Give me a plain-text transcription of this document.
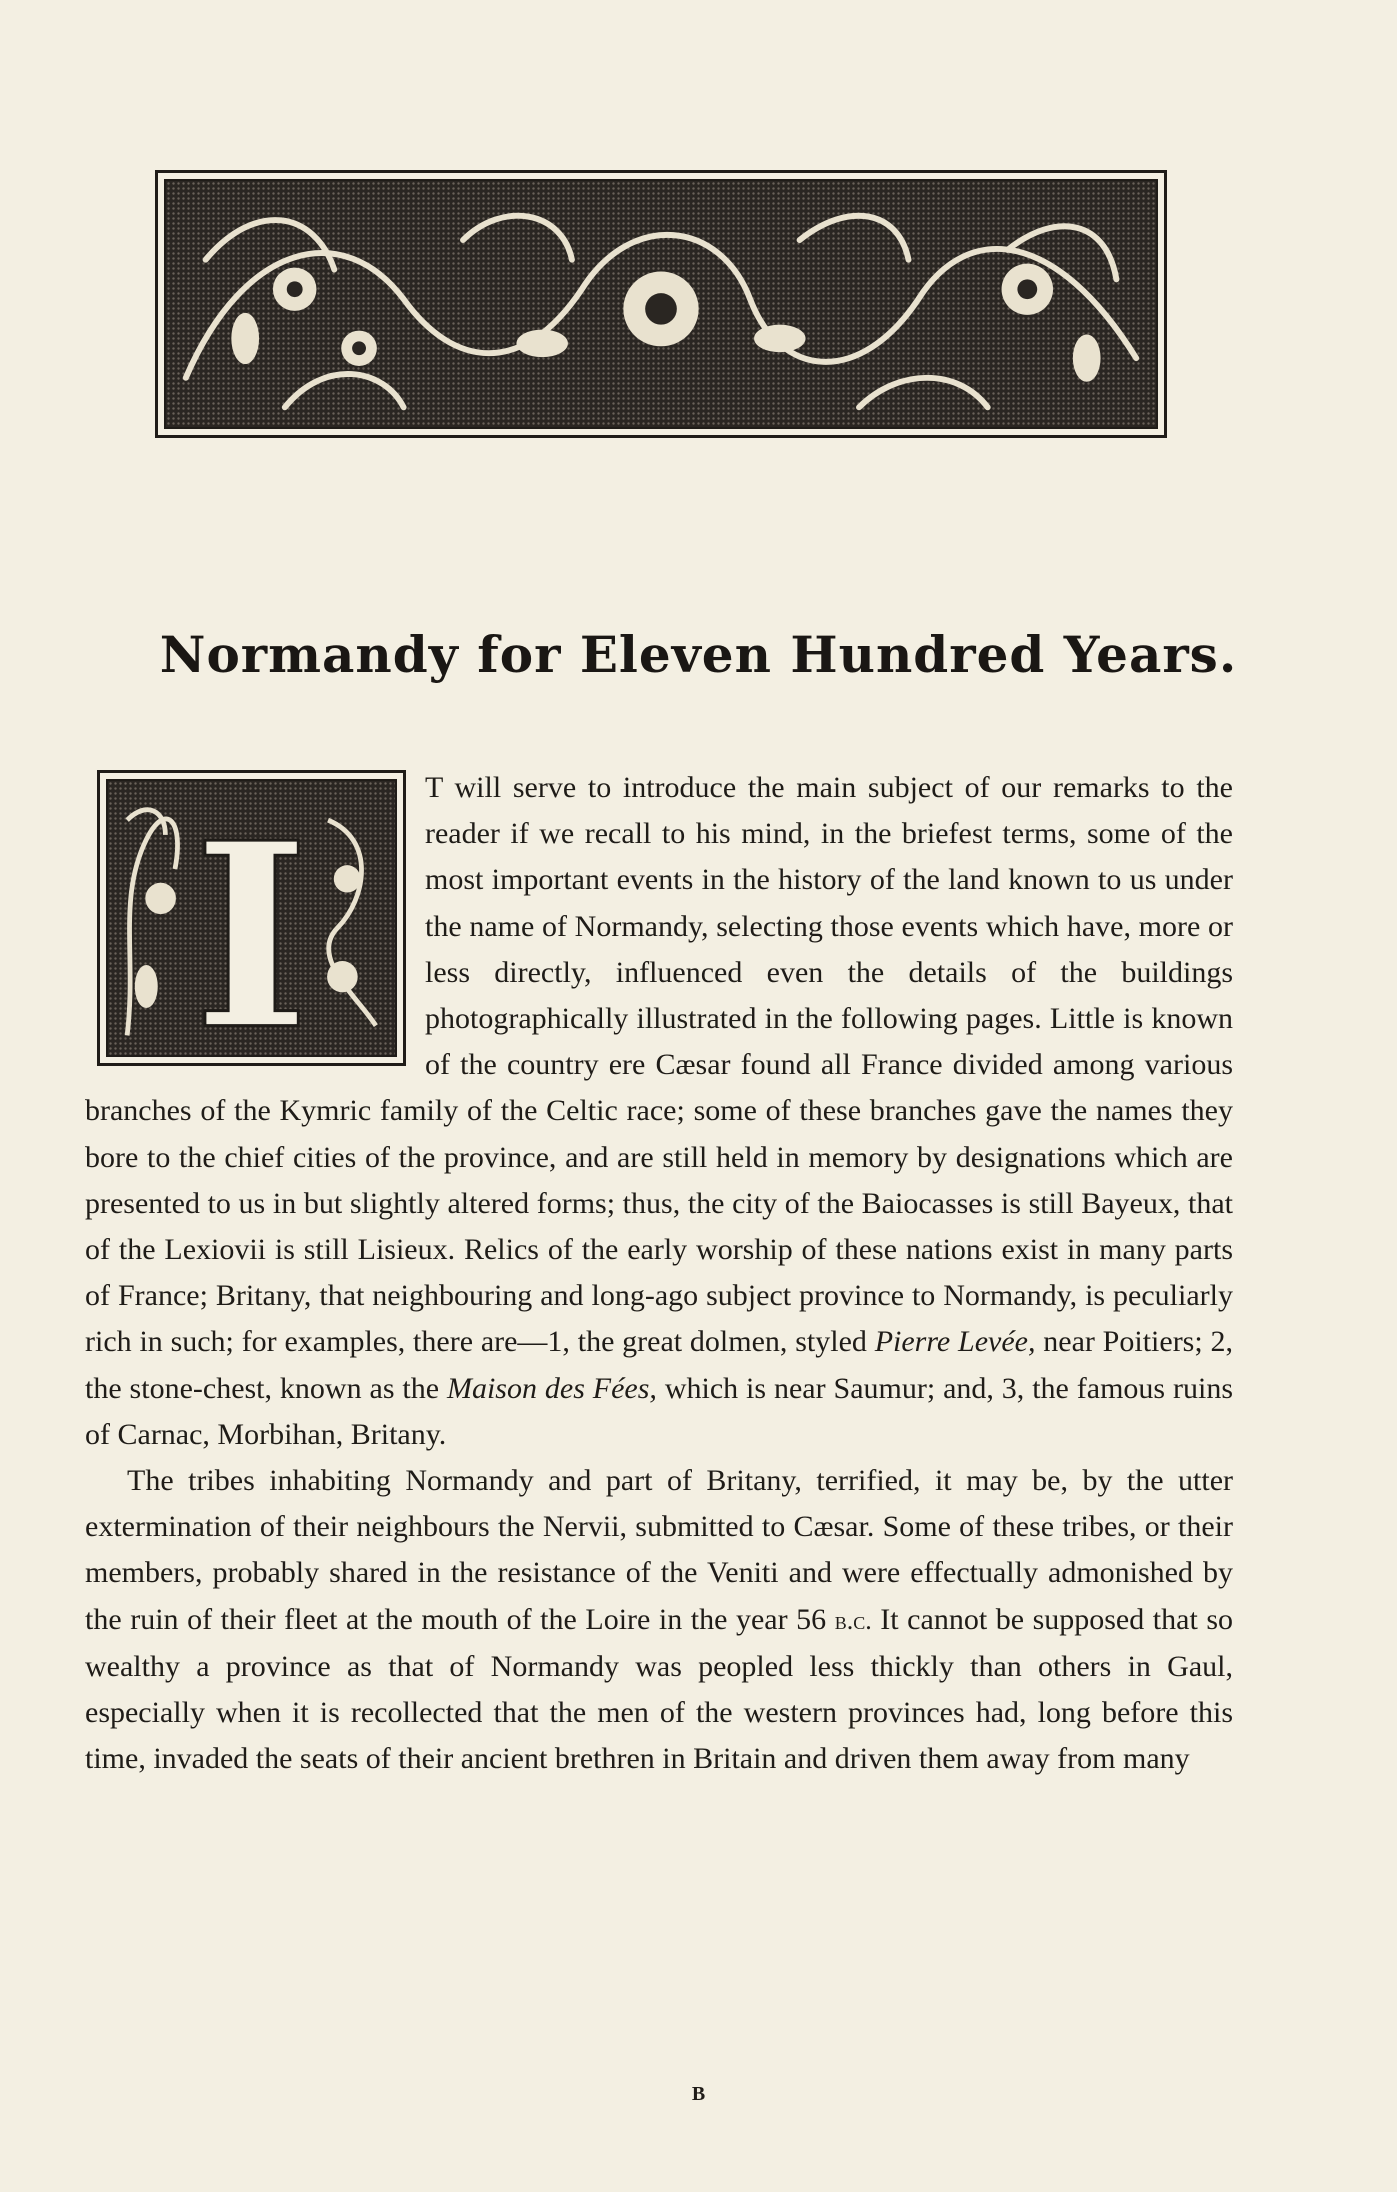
Normandy for Eleven Hundred Years.
I

T will serve to introduce the main subject of our remarks to the reader if we recall to his mind, in the briefest terms, some of the most important events in the history of the land known to us under the name of Normandy, selecting those events which have, more or less directly, influenced even the details of the buildings photographically illustrated in the following pages. Little is known of the country ere Cæsar found all France divided among various branches of the Kymric family of the Celtic race; some of these branches gave the names they bore to the chief cities of the province, and are still held in memory by designations which are presented to us in but slightly altered forms; thus, the city of the Baiocasses is still Bayeux, that of the Lexiovii is still Lisieux. Relics of the early worship of these nations exist in many parts of France; Britany, that neighbouring and long-ago subject province to Normandy, is peculiarly rich in such; for examples, there are—1, the great dolmen, styled Pierre Levée, near Poitiers; 2, the stone-chest, known as the Maison des Fées, which is near Saumur; and, 3, the famous ruins of Carnac, Morbihan, Britany.

The tribes inhabiting Normandy and part of Britany, terrified, it may be, by the utter extermination of their neighbours the Nervii, submitted to Cæsar. Some of these tribes, or their members, probably shared in the resistance of the Veniti and were effectually admonished by the ruin of their fleet at the mouth of the Loire in the year 56 b.c. It cannot be supposed that so wealthy a province as that of Normandy was peopled less thickly than others in Gaul, especially when it is recollected that the men of the western provinces had, long before this time, invaded the seats of their ancient brethren in Britain and driven them away from many

B
